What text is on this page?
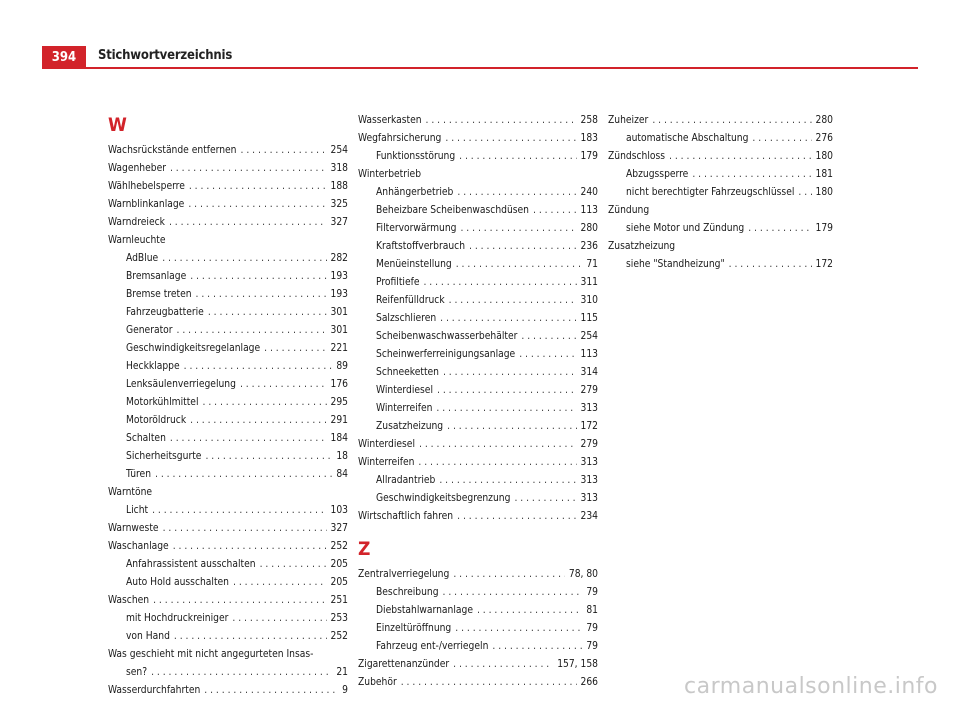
394 Stichwortverzeichnis
W
Wachsrückstände entfernen . . .	254
Wagenheber . . .	318
Wählhebelsperre . . .	188
Warnblinkanlage . . .	325
Warndreieck . . .	327
Warnleuchte
AdBlue . . .	282
Bremsanlage . . .	193
Bremse treten . . .	193
Fahrzeugbatterie . . .	301
Generator . . .	301
Geschwindigkeitsregelanlage . . .	221
Heckklappe . . .	89
Lenksäulenverriegelung . . .	176
Motorkühlmittel . . .	295
Motoröldruck . . .	291
Schalten . . .	184
Sicherheitsgurte . . .	18
Türen . . .	84
Warntöne
Licht . . .	103
Warnweste . . .	327
Waschanlage . . .	252
Anfahrassistent ausschalten . . .	205
Auto Hold ausschalten . . .	205
Waschen . . .	251
mit Hochdruckreiniger . . .	253
von Hand . . .	252
Was geschieht mit nicht angegurteten Insas-
sen? . . .	21
Wasserdurchfahrten . . .	9
Wasserkasten . . .	258
Wegfahrsicherung . . .	183
Funktionsstörung . . .	179
Winterbetrieb
Anhängerbetrieb . . .	240
Beheizbare Scheibenwaschdüsen . . .	113
Filtervorwärmung . . .	280
Kraftstoffverbrauch . . .	236
Menüeinstellung . . .	71
Profiltiefe . . .	311
Reifenfülldruck . . .	310
Salzschlieren . . .	115
Scheibenwaschwasserbehälter . . .	254
Scheinwerferreinigungsanlage . . .	113
Schneeketten . . .	314
Winterdiesel . . .	279
Winterreifen . . .	313
Zusatzheizung . . .	172
Winterdiesel . . .	279
Winterreifen . . .	313
Allradantrieb . . .	313
Geschwindigkeitsbegrenzung . . .	313
Wirtschaftlich fahren . . .	234
Z
Zentralverriegelung . . .	78, 80
Beschreibung . . .	79
Diebstahlwarnanlage . . .	81
Einzeltüröffnung . . .	79
Fahrzeug ent-/verriegeln . . .	79
Zigarettenanzünder . . .	157, 158
Zubehör . . .	266
Zuheizer . . .	280
automatische Abschaltung . . .	276
Zündschloss . . .	180
Abzugssperre . . .	181
nicht berechtigter Fahrzeugschlüssel . . . 180
Zündung
siehe Motor und Zündung . . .	179
Zusatzheizung
siehe "Standheizung" . . .	172
carmanualsonline.info
